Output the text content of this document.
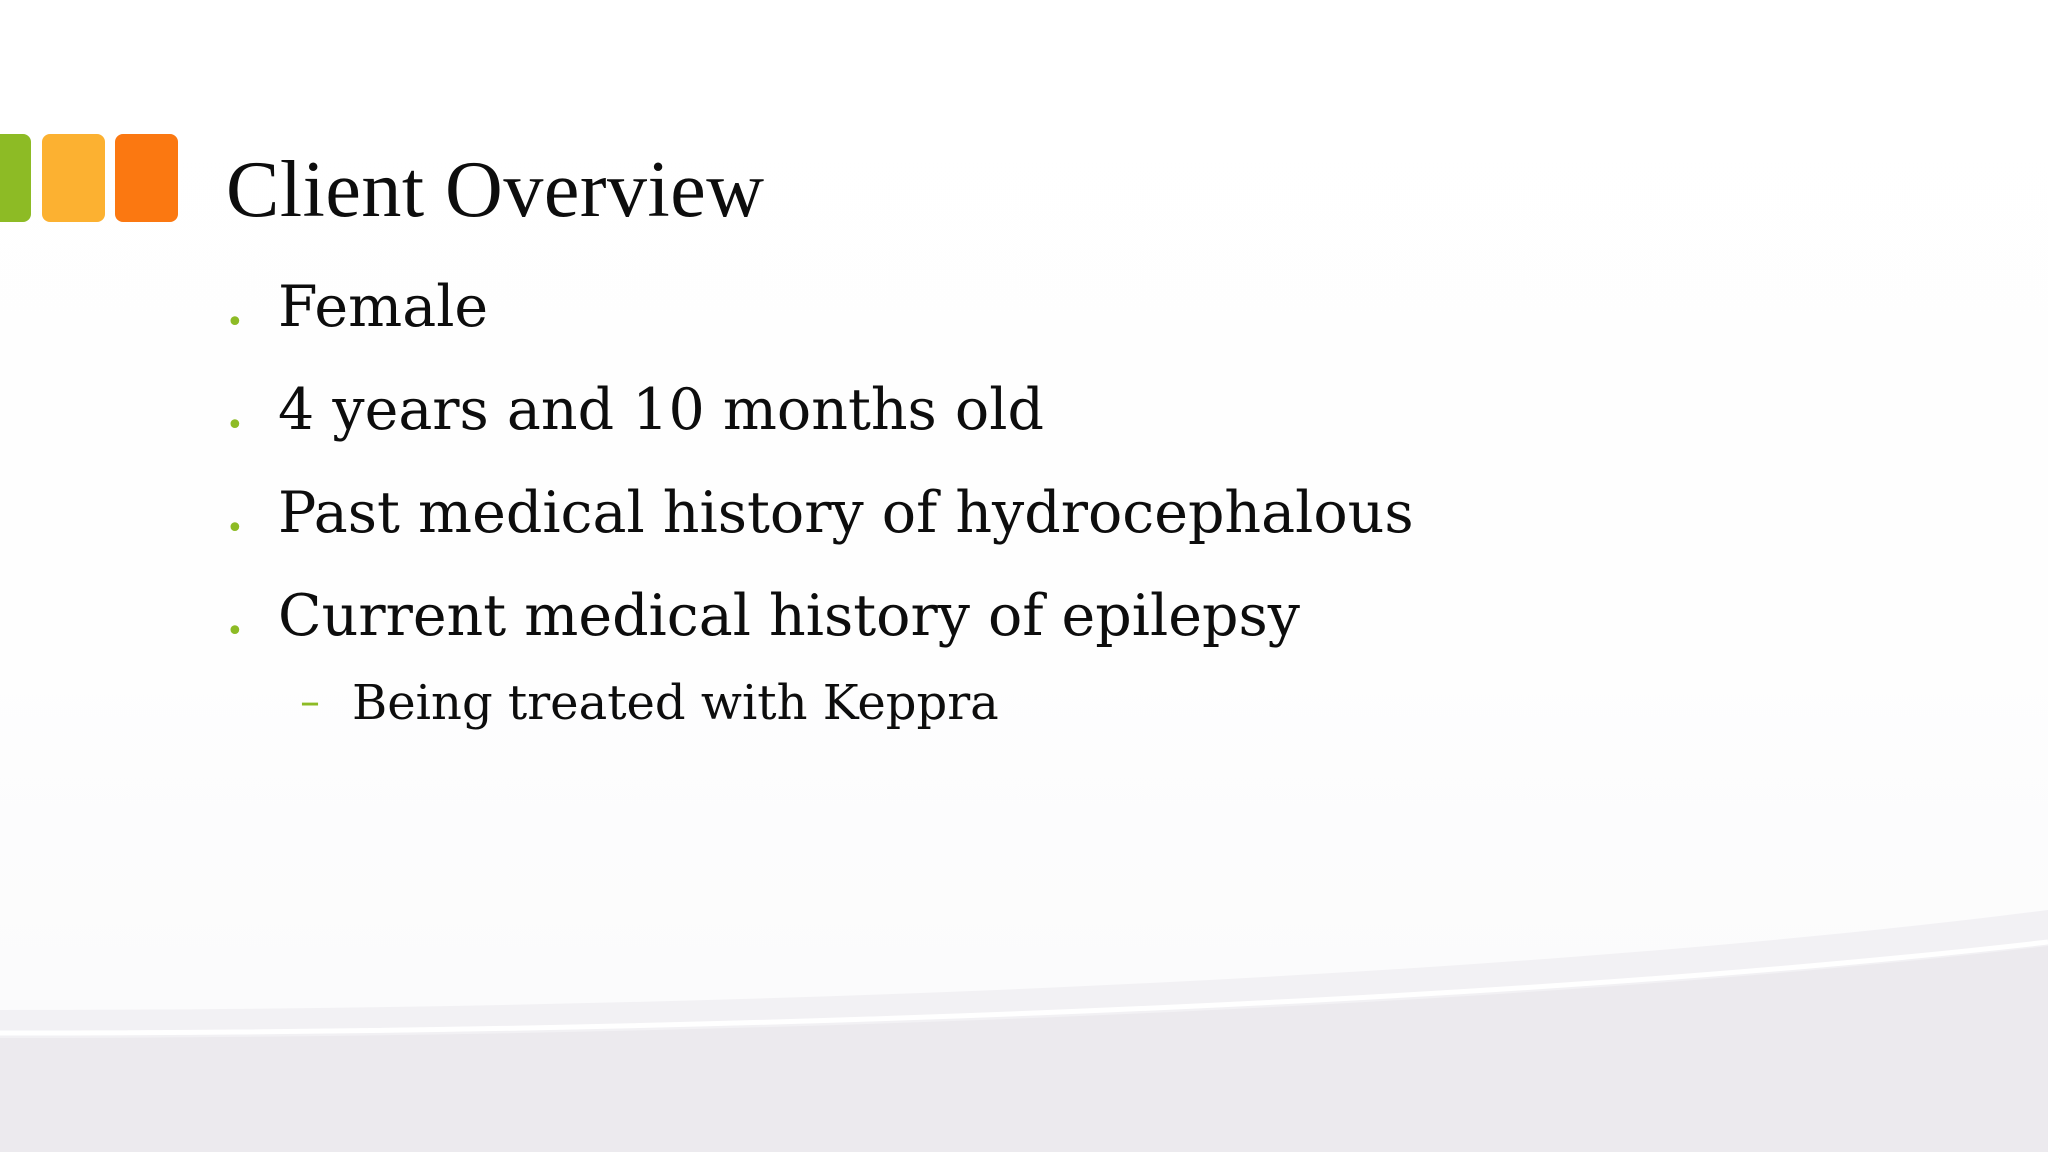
Client Overview
• Female
• 4 years and 10 months old
• Past medical history of hydrocephalous
• Current medical history of epilepsy
– Being treated with Keppra
